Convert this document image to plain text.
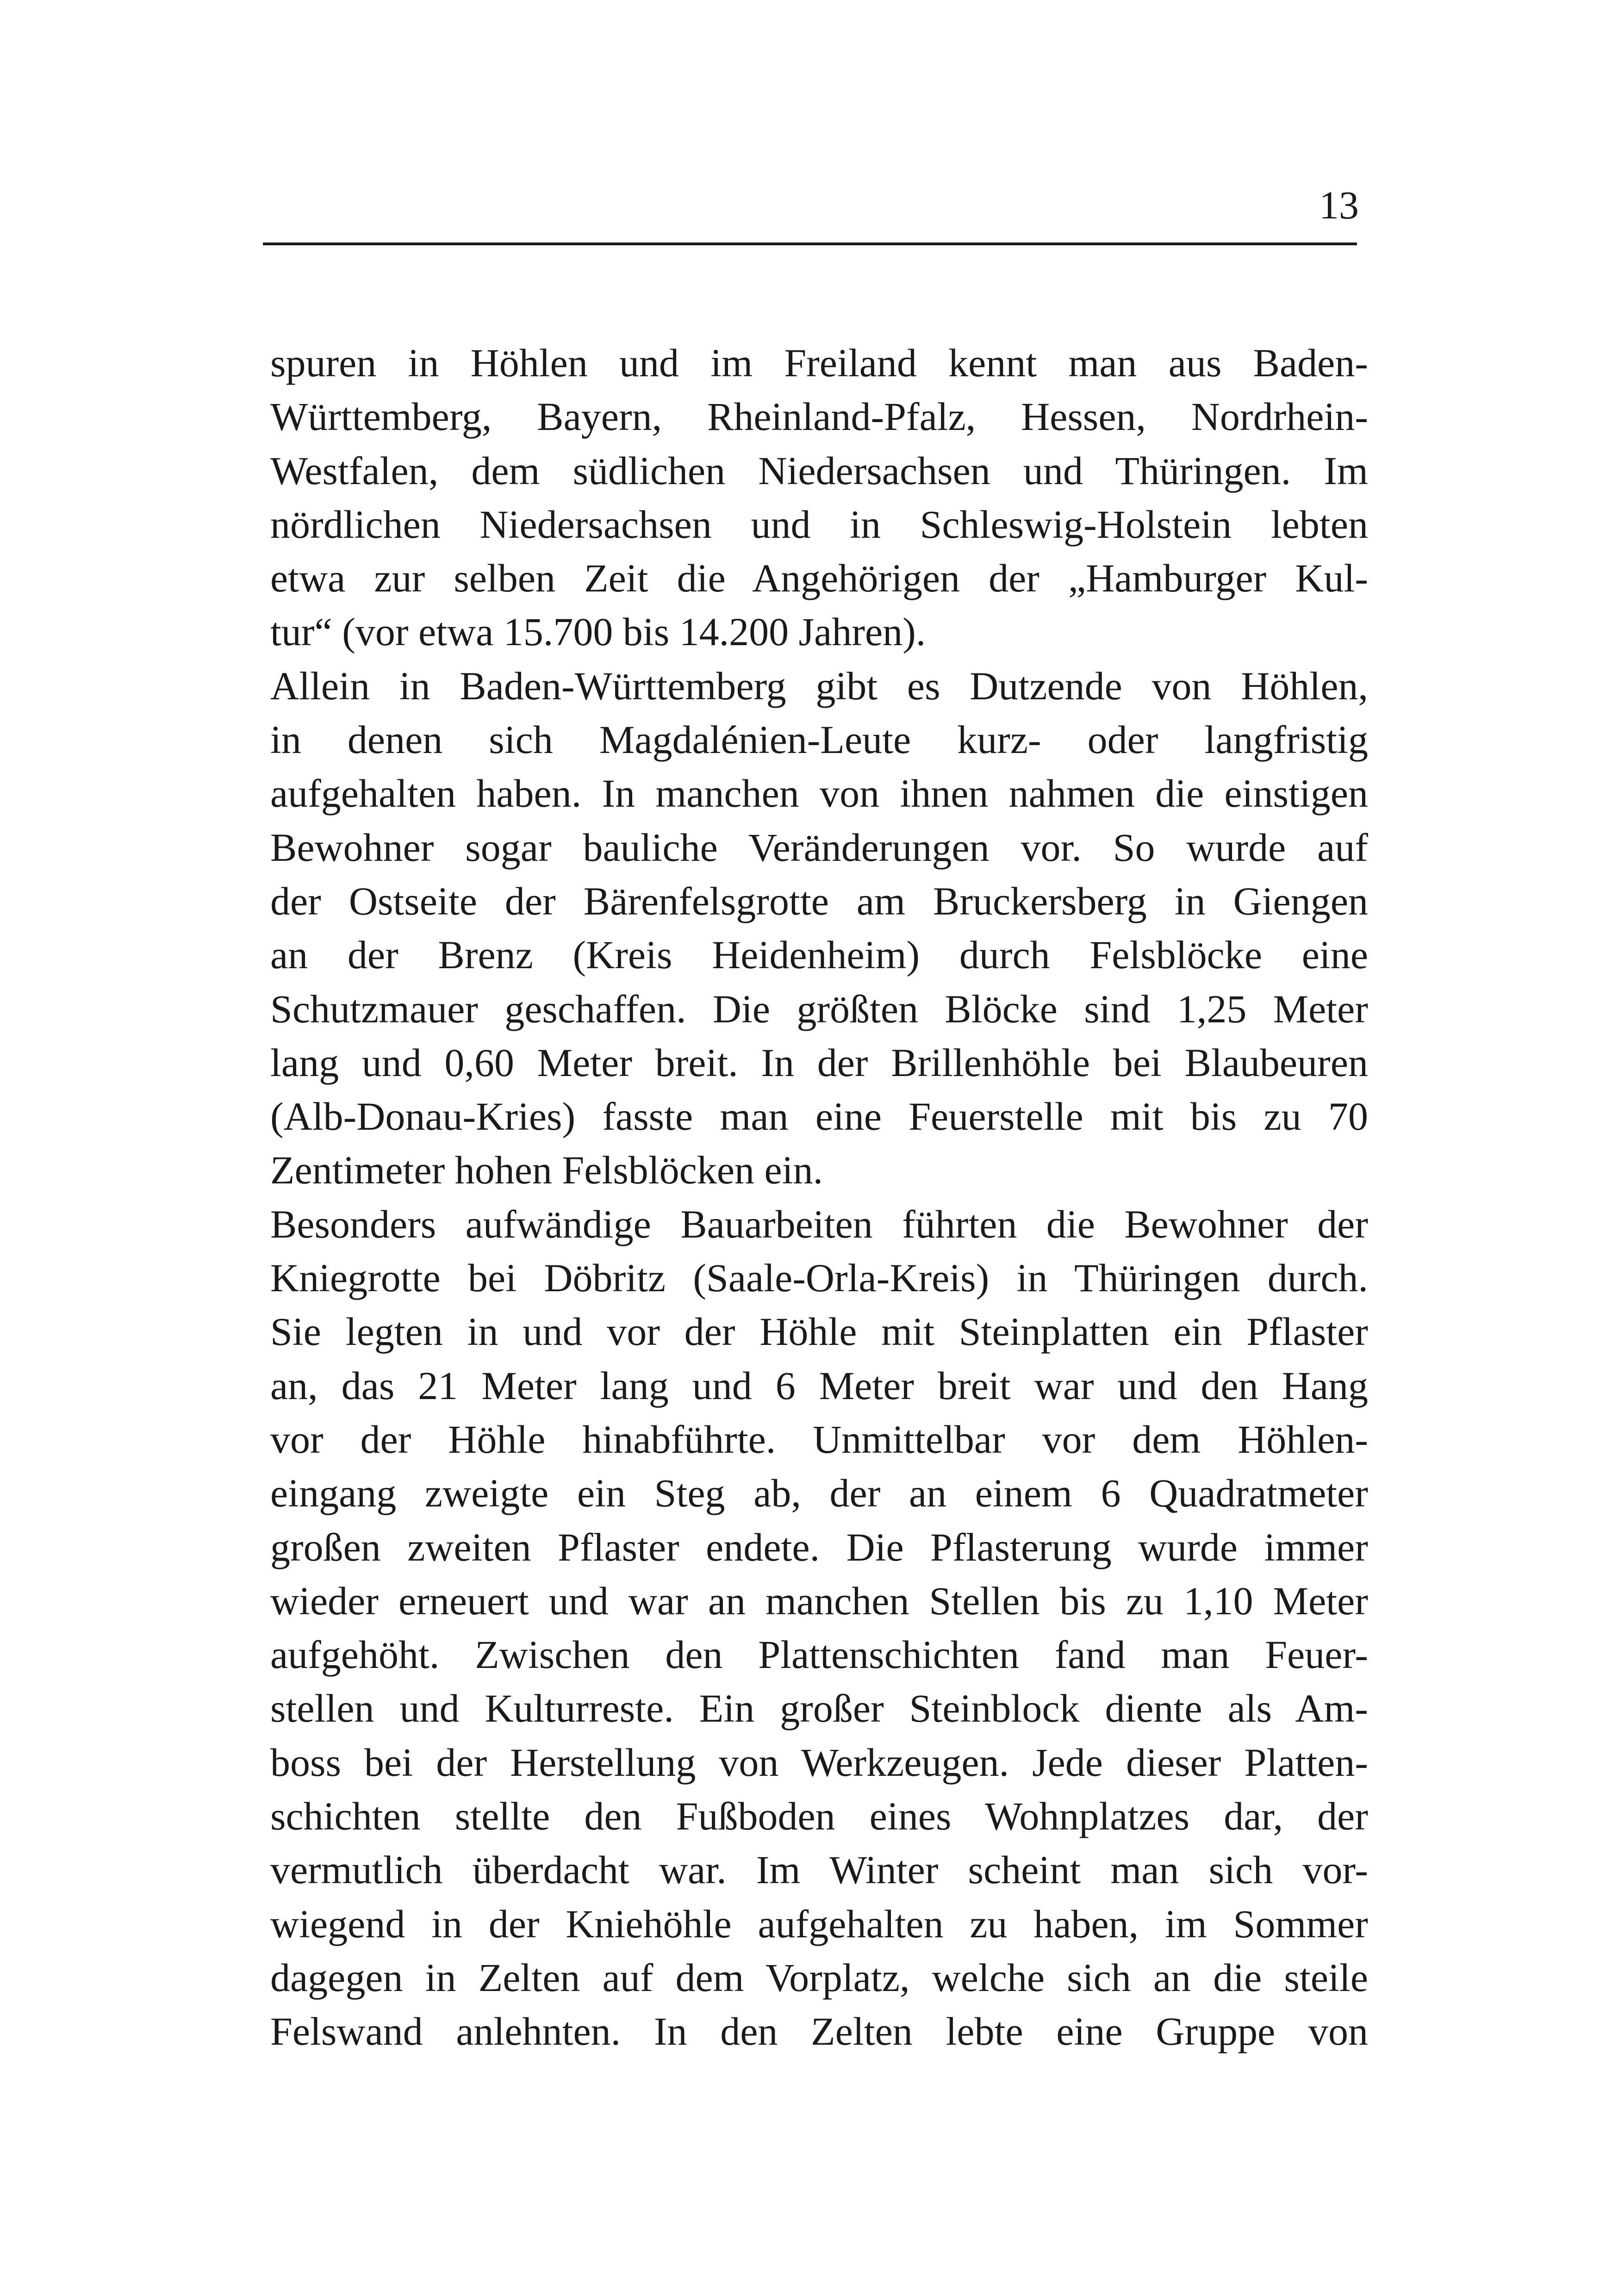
13
spuren in Höhlen und im Freiland kennt man aus Baden-
Württemberg, Bayern, Rheinland-Pfalz, Hessen, Nordrhein-
Westfalen, dem südlichen Niedersachsen und Thüringen. Im
nördlichen Niedersachsen und in Schleswig-Holstein lebten
etwa zur selben Zeit die Angehörigen der „Hamburger Kul-
tur“ (vor etwa 15.700 bis 14.200 Jahren).
Allein in Baden-Württemberg gibt es Dutzende von Höhlen,
in denen sich Magdalénien-Leute kurz- oder langfristig
aufgehalten haben. In manchen von ihnen nahmen die einstigen
Bewohner sogar bauliche Veränderungen vor. So wurde auf
der Ostseite der Bärenfelsgrotte am Bruckersberg in Giengen
an der Brenz (Kreis Heidenheim) durch Felsblöcke eine
Schutzmauer geschaffen. Die größten Blöcke sind 1,25 Meter
lang und 0,60 Meter breit. In der Brillenhöhle bei Blaubeuren
(Alb-Donau-Kries) fasste man eine Feuerstelle mit bis zu 70
Zentimeter hohen Felsblöcken ein.
Besonders aufwändige Bauarbeiten führten die Bewohner der
Kniegrotte bei Döbritz (Saale-Orla-Kreis) in Thüringen durch.
Sie legten in und vor der Höhle mit Steinplatten ein Pflaster
an, das 21 Meter lang und 6 Meter breit war und den Hang
vor der Höhle hinabführte. Unmittelbar vor dem Höhlen-
eingang zweigte ein Steg ab, der an einem 6 Quadratmeter
großen zweiten Pflaster endete. Die Pflasterung wurde immer
wieder erneuert und war an manchen Stellen bis zu 1,10 Meter
aufgehöht. Zwischen den Plattenschichten fand man Feuer-
stellen und Kulturreste. Ein großer Steinblock diente als Am-
boss bei der Herstellung von Werkzeugen. Jede dieser Platten-
schichten stellte den Fußboden eines Wohnplatzes dar, der
vermutlich überdacht war. Im Winter scheint man sich vor-
wiegend in der Kniehöhle aufgehalten zu haben, im Sommer
dagegen in Zelten auf dem Vorplatz, welche sich an die steile
Felswand anlehnten. In den Zelten lebte eine Gruppe von
